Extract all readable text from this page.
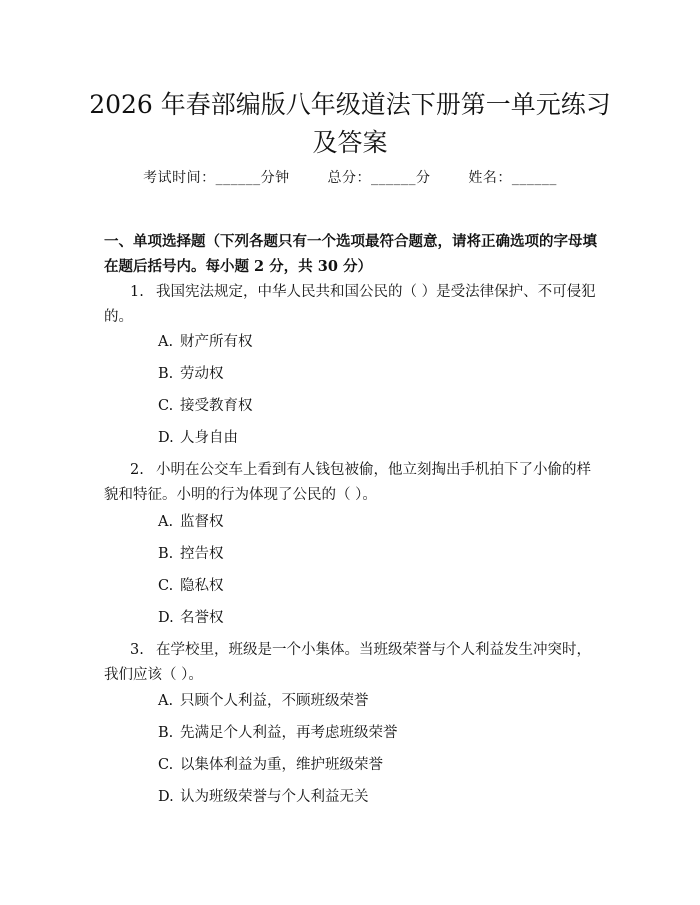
2026 年春部编版八年级道法下册第一单元练习及答案
考试时间：______分钟	总分：______分	姓名：______
一、单项选择题（下列各题只有一个选项最符合题意，请将正确选项的字母填在题后括号内。每小题 2 分，共 30 分）
1. 我国宪法规定，中华人民共和国公民的（ ）是受法律保护、不可侵犯的。
A. 财产所有权
B. 劳动权
C. 接受教育权
D. 人身自由
2. 小明在公交车上看到有人钱包被偷，他立刻掏出手机拍下了小偷的样貌和特征。小明的行为体现了公民的（ ）。
A. 监督权
B. 控告权
C. 隐私权
D. 名誉权
3. 在学校里，班级是一个小集体。当班级荣誉与个人利益发生冲突时，我们应该（ ）。
A. 只顾个人利益，不顾班级荣誉
B. 先满足个人利益，再考虑班级荣誉
C. 以集体利益为重，维护班级荣誉
D. 认为班级荣誉与个人利益无关
